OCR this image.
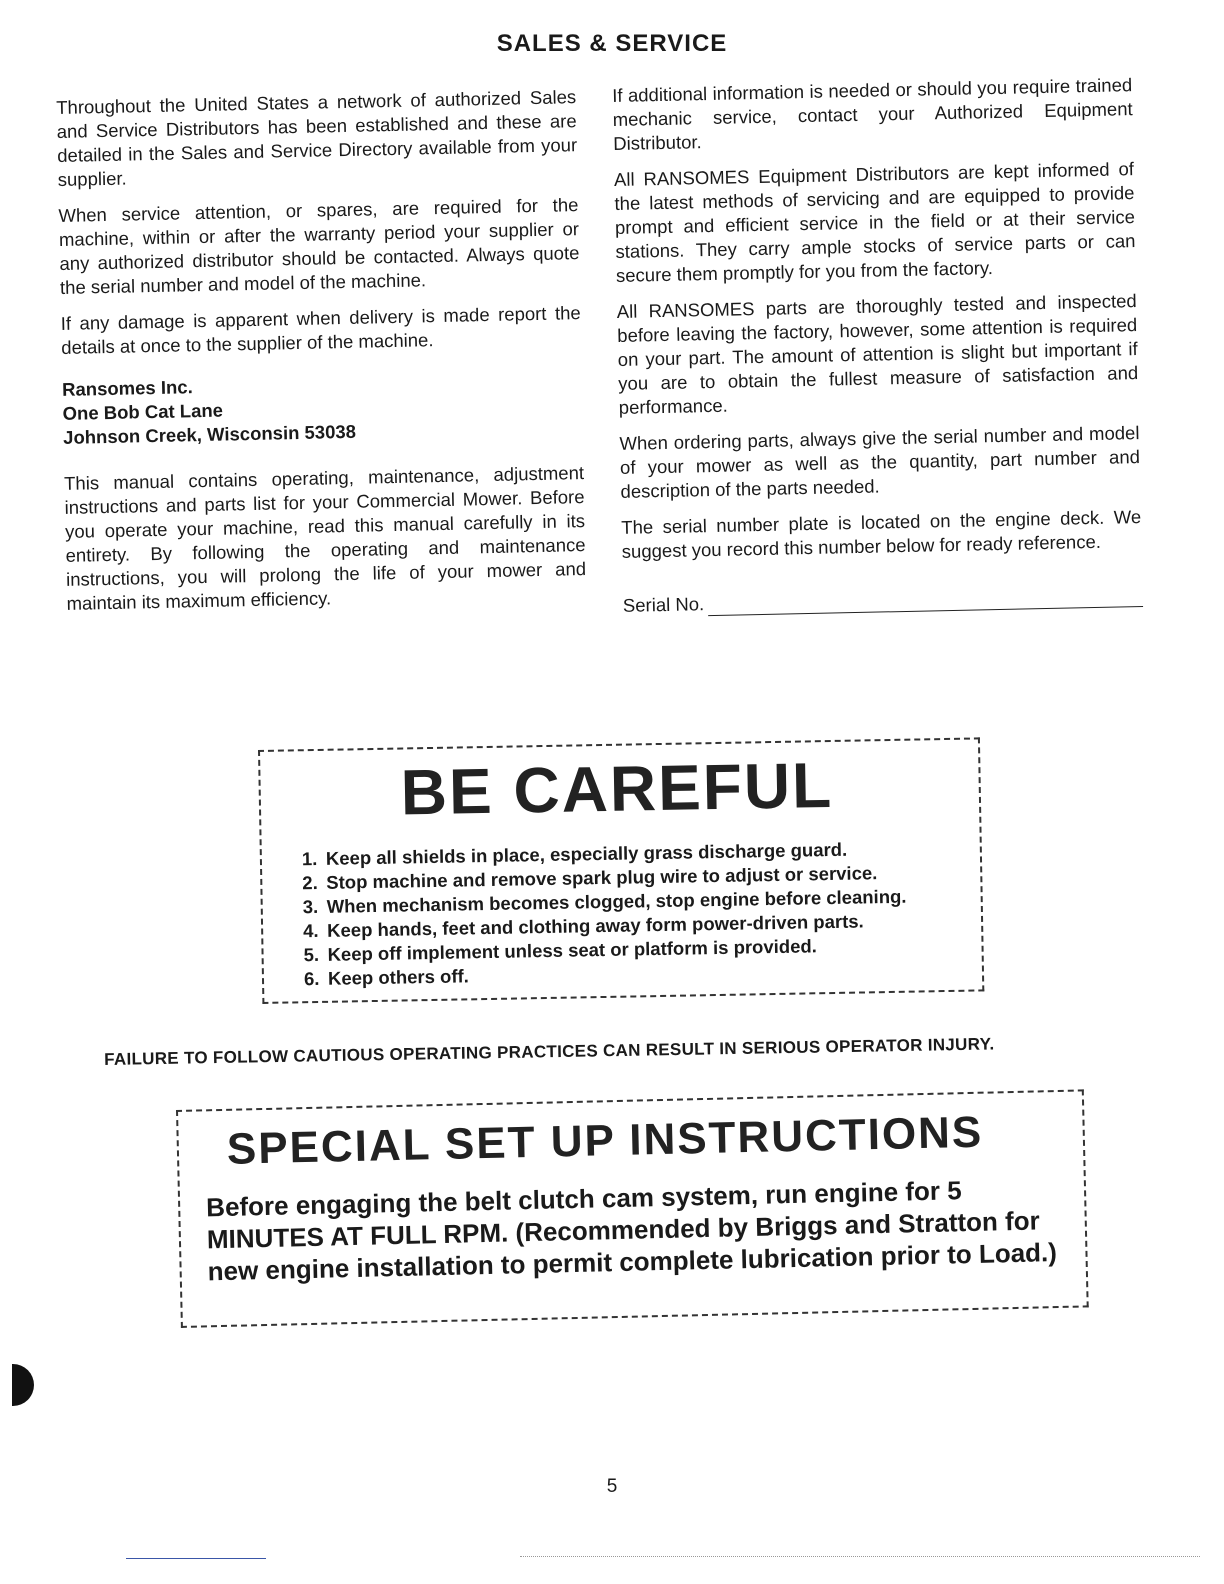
SALES & SERVICE

Throughout the United States a network of authorized Sales and Service Distributors has been established and these are detailed in the Sales and Service Directory available from your supplier.

When service attention, or spares, are required for the machine, within or after the warranty period your supplier or any authorized distributor should be contacted. Always quote the serial number and model of the machine.

If any damage is apparent when delivery is made report the details at once to the supplier of the machine.

Ransomes Inc.
One Bob Cat Lane
Johnson Creek, Wisconsin 53038

This manual contains operating, maintenance, adjustment instructions and parts list for your Commercial Mower. Before you operate your machine, read this manual carefully in its entirety. By following the operating and maintenance instructions, you will prolong the life of your mower and maintain its maximum efficiency.

If additional information is needed or should you require trained mechanic service, contact your Authorized Equipment Distributor.

All RANSOMES Equipment Distributors are kept informed of the latest methods of servicing and are equipped to provide prompt and efficient service in the field or at their service stations. They carry ample stocks of service parts or can secure them promptly for you from the factory.

All RANSOMES parts are thoroughly tested and inspected before leaving the factory, however, some attention is required on your part. The amount of attention is slight but important if you are to obtain the fullest measure of satisfaction and performance.

When ordering parts, always give the serial number and model of your mower as well as the quantity, part number and description of the parts needed.

The serial number plate is located on the engine deck. We suggest you record this number below for ready reference.

Serial No.
BE CAREFUL
1. Keep all shields in place, especially grass discharge guard.
2. Stop machine and remove spark plug wire to adjust or service.
3. When mechanism becomes clogged, stop engine before cleaning.
4. Keep hands, feet and clothing away form power-driven parts.
5. Keep off implement unless seat or platform is provided.
6. Keep others off.
FAILURE TO FOLLOW CAUTIOUS OPERATING PRACTICES CAN RESULT IN SERIOUS OPERATOR INJURY.
SPECIAL SET UP INSTRUCTIONS
Before engaging the belt clutch cam system, run engine for 5 MINUTES AT FULL RPM. (Recommended by Briggs and Stratton for new engine installation to permit complete lubrication prior to Load.)
5
